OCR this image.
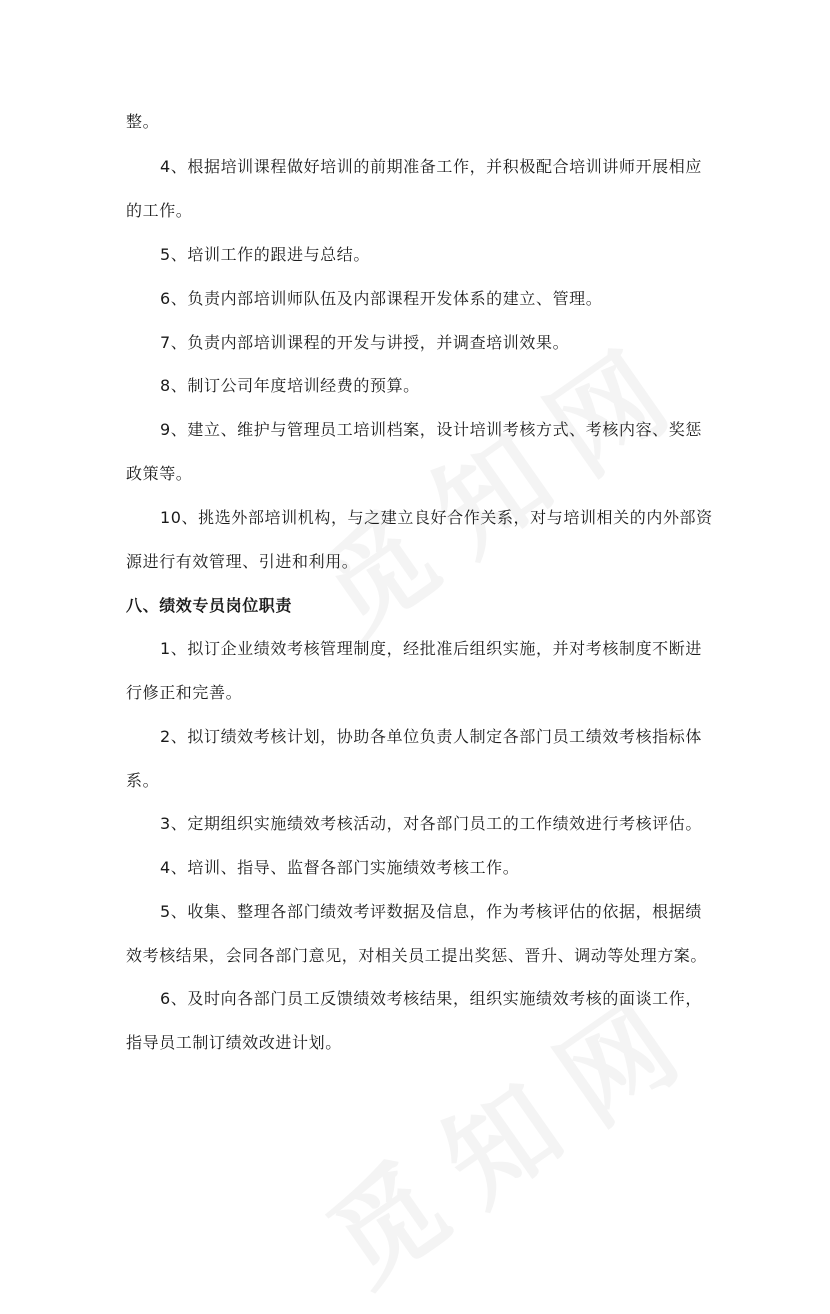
整。
4、根据培训课程做好培训的前期准备工作，并积极配合培训讲师开展相应
的工作。
5、培训工作的跟进与总结。
6、负责内部培训师队伍及内部课程开发体系的建立、管理。
7、负责内部培训课程的开发与讲授，并调查培训效果。
8、制订公司年度培训经费的预算。
9、建立、维护与管理员工培训档案，设计培训考核方式、考核内容、奖惩
政策等。
10、挑选外部培训机构，与之建立良好合作关系，对与培训相关的内外部资
源进行有效管理、引进和利用。
八、绩效专员岗位职责
1、拟订企业绩效考核管理制度，经批准后组织实施，并对考核制度不断进
行修正和完善。
2、拟订绩效考核计划，协助各单位负责人制定各部门员工绩效考核指标体
系。
3、定期组织实施绩效考核活动，对各部门员工的工作绩效进行考核评估。
4、培训、指导、监督各部门实施绩效考核工作。
5、收集、整理各部门绩效考评数据及信息，作为考核评估的依据，根据绩
效考核结果，会同各部门意见，对相关员工提出奖惩、晋升、调动等处理方案。
6、及时向各部门员工反馈绩效考核结果，组织实施绩效考核的面谈工作，
指导员工制订绩效改进计划。
